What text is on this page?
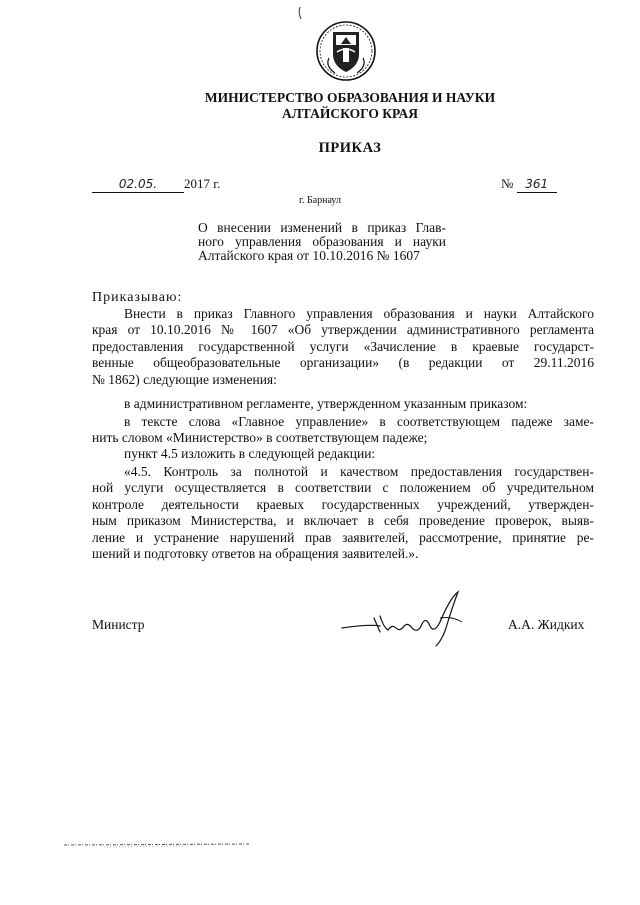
МИНИСТЕРСТВО ОБРАЗОВАНИЯ И НАУКИ
АЛТАЙСКОГО КРАЯ
ПРИКАЗ
02.05. 2017 г.	№ 361
г. Барнаул
О внесении изменений в приказ Глав-
ного управления образования и науки
Алтайского края от 10.10.2016 № 1607
Приказываю:
Внести в приказ Главного управления образования и науки Алтайского
края от 10.10.2016 № 1607 «Об утверждении административного регламента
предоставления государственной услуги «Зачисление в краевые государст-
венные общеобразовательные организации» (в редакции от 29.11.2016
№ 1862) следующие изменения:
в административном регламенте, утвержденном указанным приказом:
в тексте слова «Главное управление» в соответствующем падеже заме-
нить словом «Министерство» в соответствующем падеже;
пункт 4.5 изложить в следующей редакции:
«4.5. Контроль за полнотой и качеством предоставления государствен-
ной услуги осуществляется в соответствии с положением об учредительном
контроле деятельности краевых государственных учреждений, утвержден-
ным приказом Министерства, и включает в себя проведение проверок, выяв-
ление и устранение нарушений прав заявителей, рассмотрение, принятие ре-
шений и подготовку ответов на обращения заявителей.».
Министр	А.А. Жидких
